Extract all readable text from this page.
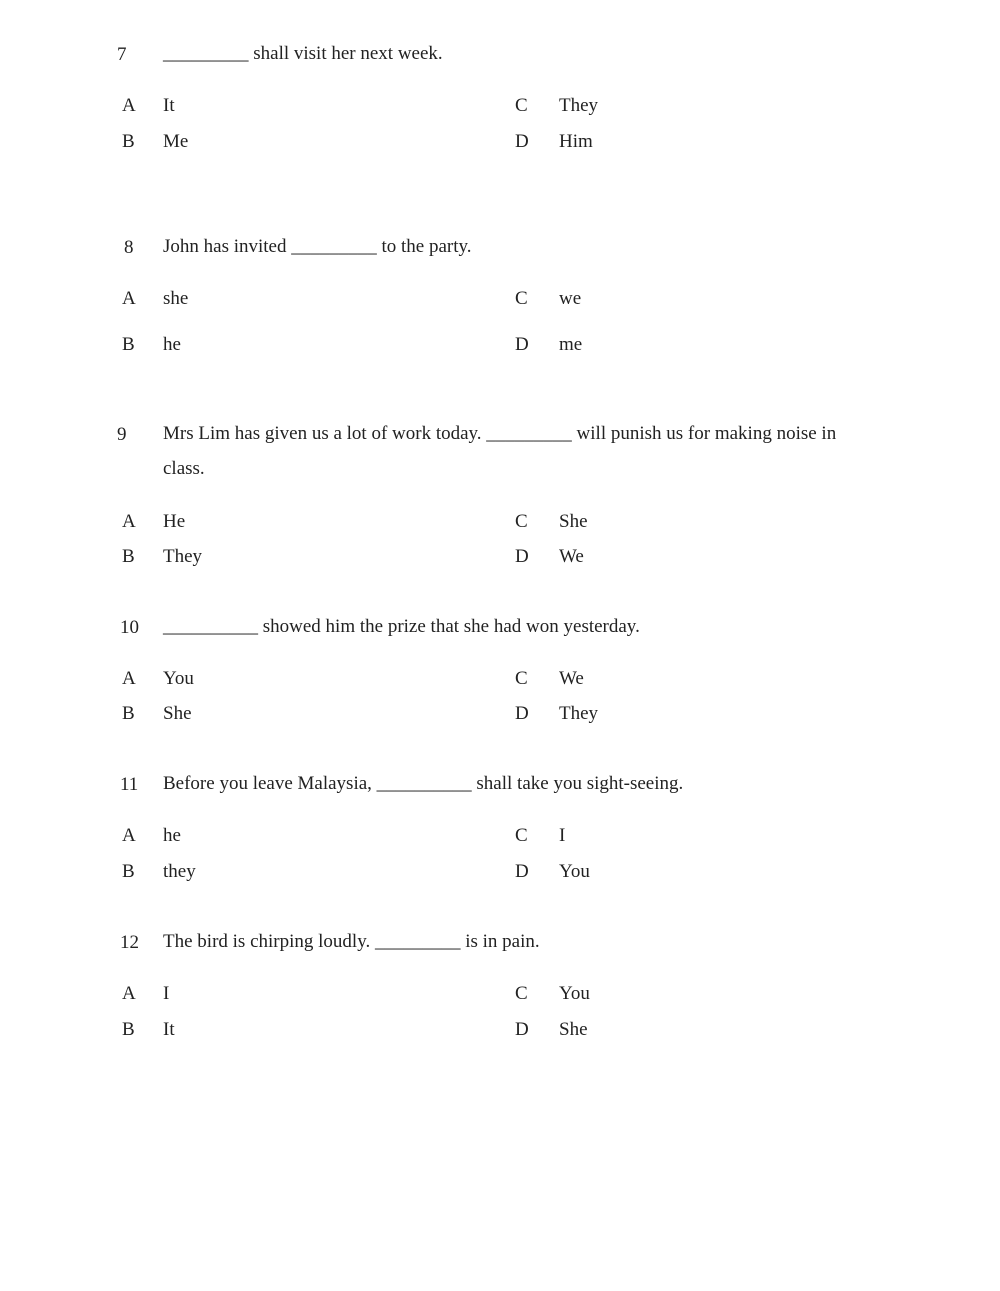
7 _________ shall visit her next week.
A It
B Me
C They
D Him
8 John has invited _________ to the party.
A she
B he
C we
D me
9 Mrs Lim has given us a lot of work today. _________ will punish us for making noise in class.
A He
B They
C She
D We
10 __________ showed him the prize that she had won yesterday.
A You
B She
C We
D They
11 Before you leave Malaysia, __________ shall take you sight-seeing.
A he
B they
C I
D You
12 The bird is chirping loudly. _________ is in pain.
A I
B It
C You
D She
